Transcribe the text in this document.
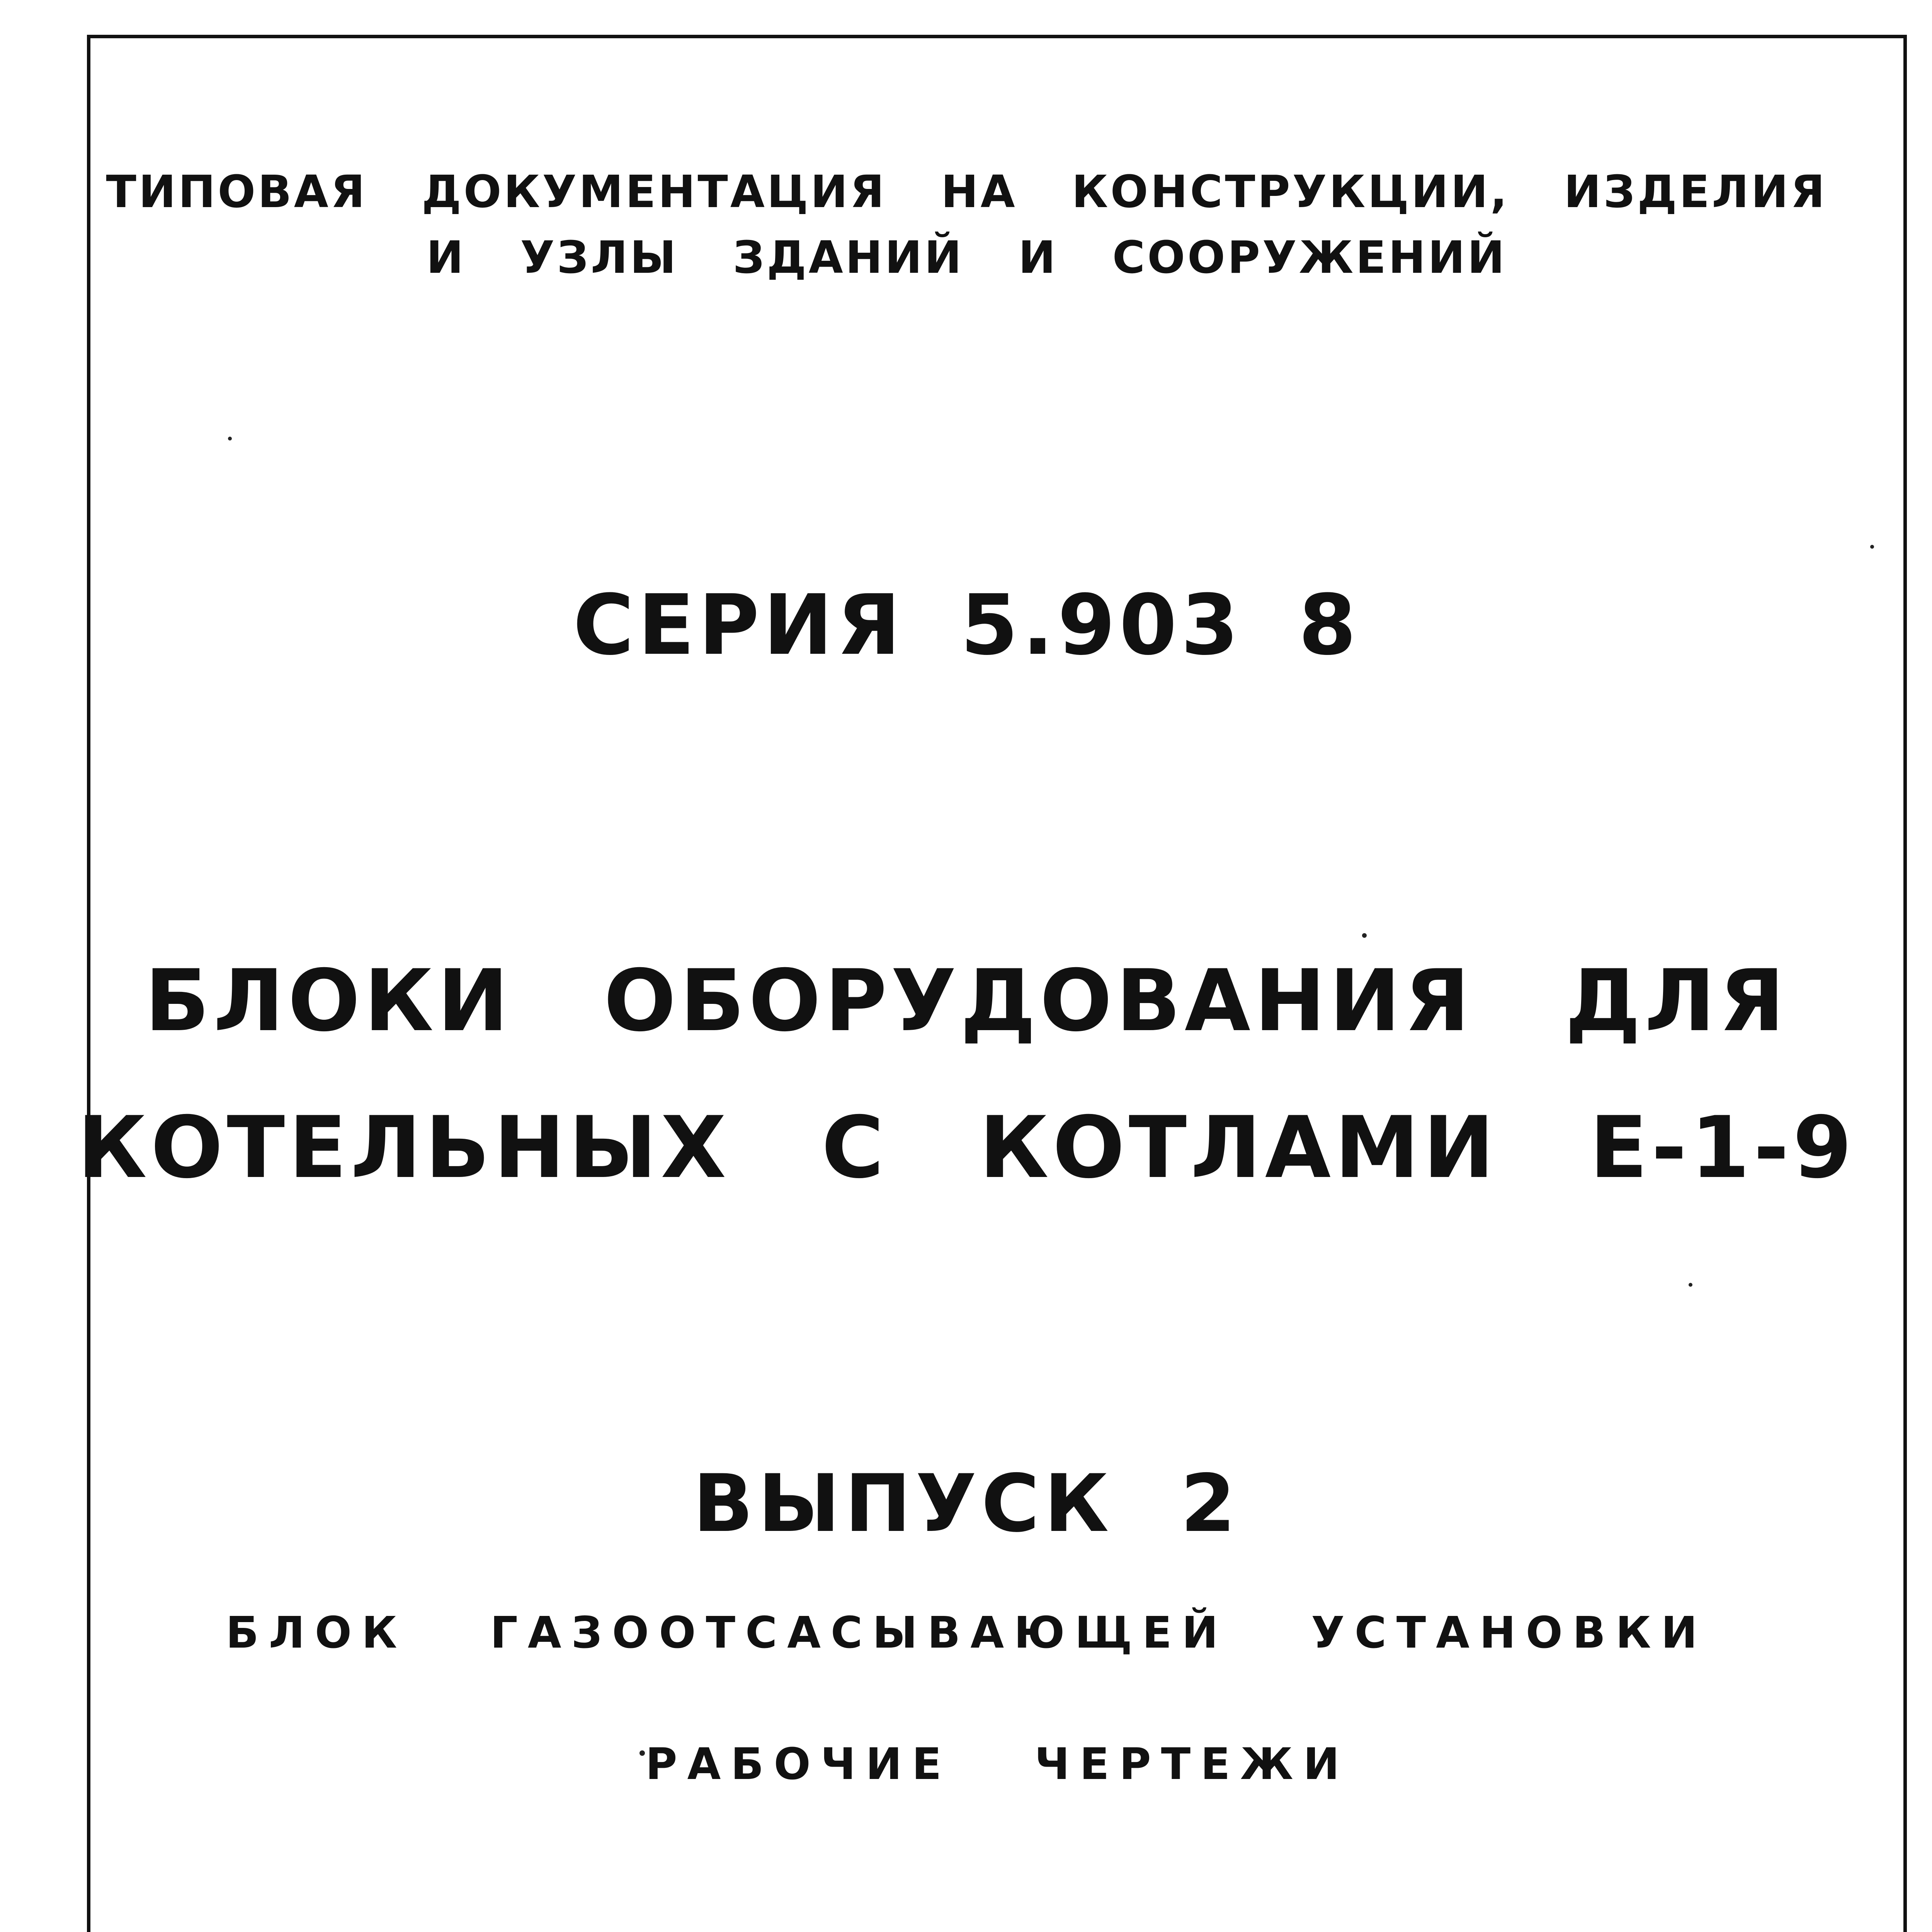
ТИПОВАЯ ДОКУМЕНТАЦИЯ НА КОНСТРУКЦИИ, ИЗДЕЛИЯ
И УЗЛЫ ЗДАНИЙ И СООРУЖЕНИЙ
СЕРИЯ 5.903 8
БЛОКИ ОБОРУДОВАНИЯ ДЛЯ
КОТЕЛЬНЫХ С КОТЛАМИ Е-1-9
ВЫПУСК 2
БЛОК ГАЗООТСАСЫВАЮЩЕЙ УСТАНОВКИ
РАБОЧИЕ ЧЕРТЕЖИ
